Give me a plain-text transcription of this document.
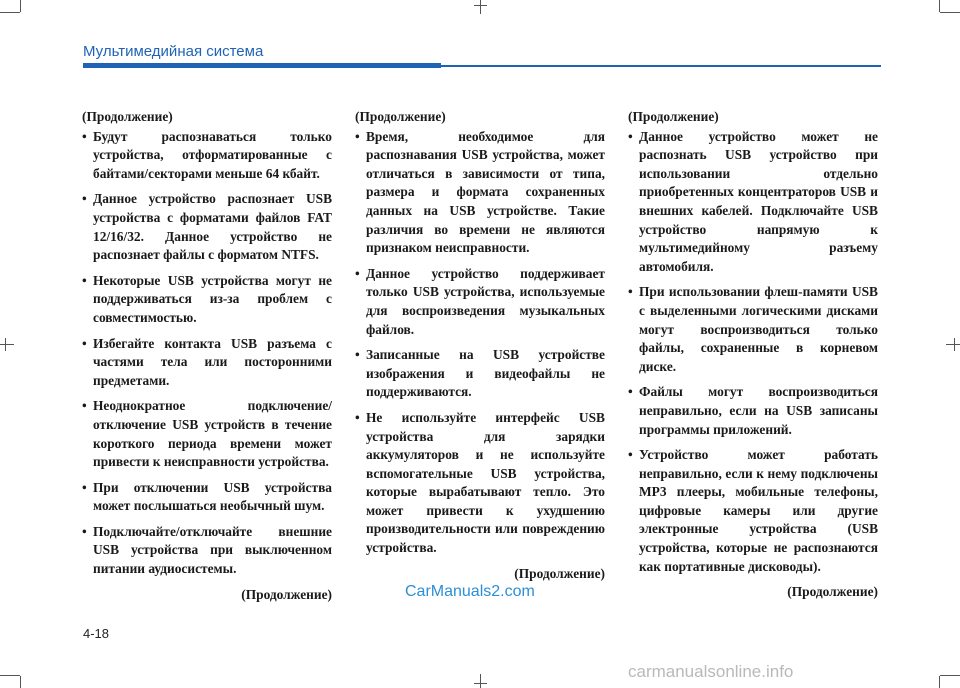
Мультимедийная система
(Продолжение)
• Будут распознаваться только устройства, отформатированные с байтами/секторами меньше 64 кбайт.
• Данное устройство распознает USB устройства с форматами файлов FAT 12/16/32. Данное устройство не распознает файлы с форматом NTFS.
• Некоторые USB устройства могут не поддерживаться из-за проблем с совместимостью.
• Избегайте контакта USB разъема с частями тела или посторонними предметами.
• Неоднократное подключение/отключение USB устройств в течение короткого периода времени может привести к неисправности устройства.
• При отключении USB устройства может послышаться необычный шум.
• Подключайте/отключайте внешние USB устройства при выключенном питании аудиосистемы.
(Продолжение)
(Продолжение)
• Время, необходимое для распознавания USB устройства, может отличаться в зависимости от типа, размера и формата сохраненных данных на USB устройстве. Такие различия во времени не являются признаком неисправности.
• Данное устройство поддерживает только USB устройства, используемые для воспроизведения музыкальных файлов.
• Записанные на USB устройстве изображения и видеофайлы не поддерживаются.
• Не используйте интерфейс USB устройства для зарядки аккумуляторов и не используйте вспомогательные USB устройства, которые вырабатывают тепло. Это может привести к ухудшению производительности или повреждению устройства.
(Продолжение)
(Продолжение)
• Данное устройство может не распознать USB устройство при использовании отдельно приобретенных концентраторов USB и внешних кабелей. Подключайте USB устройство напрямую к мультимедийному разъему автомобиля.
• При использовании флеш-памяти USB с выделенными логическими дисками могут воспроизводиться только файлы, сохраненные в корневом диске.
• Файлы могут воспроизводиться неправильно, если на USB записаны программы приложений.
• Устройство может работать неправильно, если к нему подключены MP3 плееры, мобильные телефоны, цифровые камеры или другие электронные устройства (USB устройства, которые не распознаются как портативные дисководы).
(Продолжение)
CarManuals2.com
4-18
carmanualsonline.info
